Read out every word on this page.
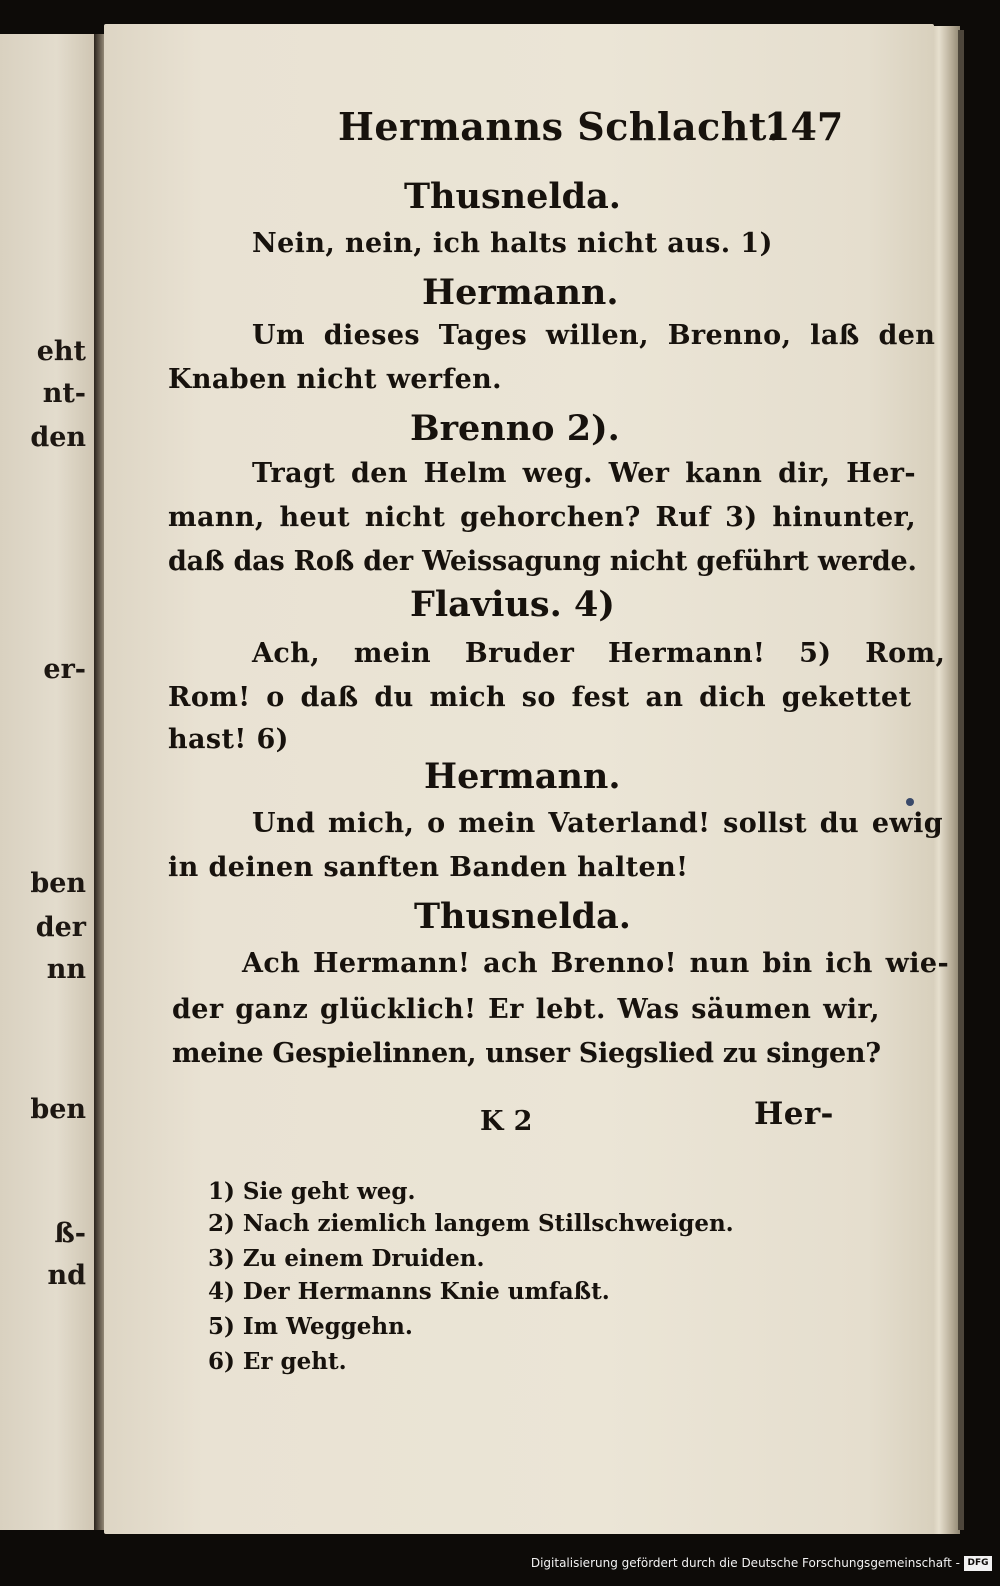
eht

nt-

den

er-

ben

der

nn

ben

ß-

nd

Hermanns Schlacht.

147

Thusnelda.

Nein, nein, ich halts nicht aus. 1)

Hermann.

Um dieses Tages willen, Brenno, laß den

Knaben nicht werfen.

Brenno 2).

Tragt den Helm weg. Wer kann dir, Her-

mann, heut nicht gehorchen? Ruf 3) hinunter,

daß das Roß der Weissagung nicht geführt werde.

Flavius. 4)

Ach, mein Bruder Hermann! 5) Rom,

Rom! o daß du mich so fest an dich gekettet

hast! 6)

Hermann.

Und mich, o mein Vaterland! sollst du ewig

in deinen sanften Banden halten!

Thusnelda.

Ach Hermann! ach Brenno! nun bin ich wie-

der ganz glücklich! Er lebt. Was säumen wir,

meine Gespielinnen, unser Siegslied zu singen?

K 2	Her-

1) Sie geht weg.

2) Nach ziemlich langem Stillschweigen.

3) Zu einem Druiden.

4) Der Hermanns Knie umfaßt.

5) Im Weggehn.

6) Er geht.

Digitalisierung gefördert durch die Deutsche Forschungsgemeinschaft - DFG
